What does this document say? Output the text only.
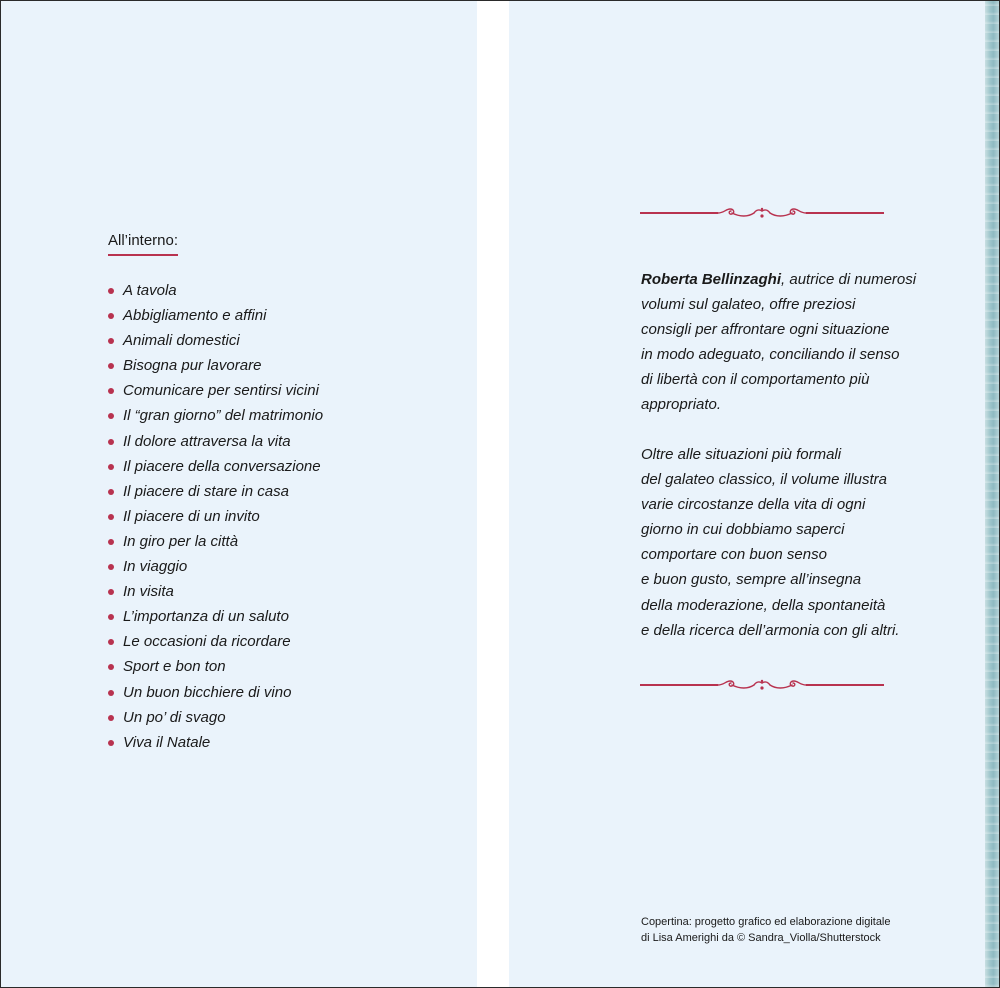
All’interno:
A tavola
Abbigliamento e affini
Animali domestici
Bisogna pur lavorare
Comunicare per sentirsi vicini
Il “gran giorno” del matrimonio
Il dolore attraversa la vita
Il piacere della conversazione
Il piacere di stare in casa
Il piacere di un invito
In giro per la città
In viaggio
In visita
L’importanza di un saluto
Le occasioni da ricordare
Sport e bon ton
Un buon bicchiere di vino
Un po’ di svago
Viva il Natale

Roberta Bellinzaghi, autrice di numerosi
volumi sul galateo, offre preziosi
consigli per affrontare ogni situazione
in modo adeguato, conciliando il senso
di libertà con il comportamento più
appropriato.

Oltre alle situazioni più formali
del galateo classico, il volume illustra
varie circostanze della vita di ogni
giorno in cui dobbiamo saperci
comportare con buon senso
e buon gusto, sempre all’insegna
della moderazione, della spontaneità
e della ricerca dell’armonia con gli altri.

Copertina: progetto grafico ed elaborazione digitale
di Lisa Amerighi da © Sandra_Violla/Shutterstock
